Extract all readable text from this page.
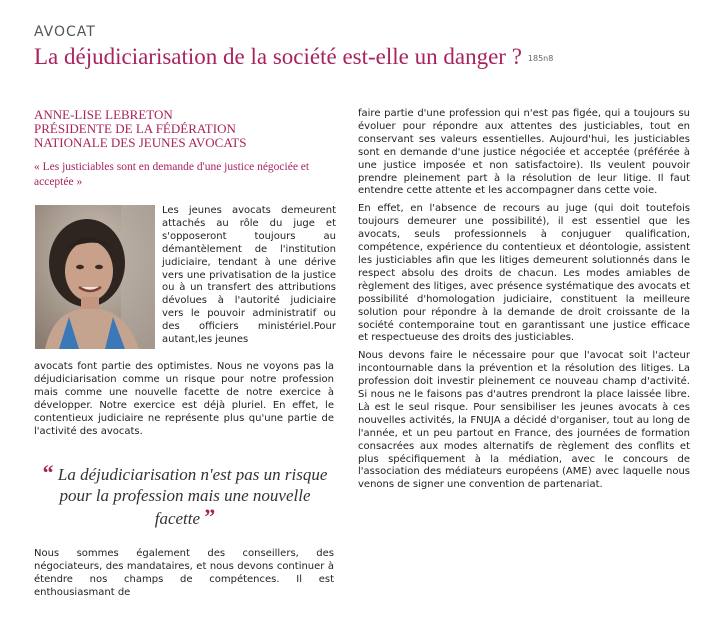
AVOCAT
La déjudiciarisation de la société est-elle un danger ? 185n8
ANNE-LISE LEBRETON
PRÉSIDENTE DE LA FÉDÉRATION
NATIONALE DES JEUNES AVOCATS
« Les justiciables sont en demande d'une justice négociée et acceptée »
Les jeunes avocats demeurent attachés au rôle du juge et s'opposeront toujours au démantèlement de l'institution judiciaire, tendant à une dérive vers une privatisation de la justice ou à un transfert des attributions dévolues à l'autorité judiciaire vers le pouvoir administratif ou des officiers ministériel.Pour autant,les jeunes
avocats font partie des optimistes. Nous ne voyons pas la déjudiciarisation comme un risque pour notre profession mais comme une nouvelle facette de notre exercice à développer. Notre exercice est déjà pluriel. En effet, le contentieux judiciaire ne représente plus qu'une partie de l'activité des avocats.
“ La déjudiciarisation n'est pas un risque pour la profession mais une nouvelle facette ”
Nous sommes également des conseillers, des négociateurs, des mandataires, et nous devons continuer à étendre nos champs de compétences. Il est enthousiasmant de

faire partie d'une profession qui n'est pas figée, qui a toujours su évoluer pour répondre aux attentes des justiciables, tout en conservant ses valeurs essentielles. Aujourd'hui, les justiciables sont en demande d'une justice négociée et acceptée (préférée à une justice imposée et non satisfactoire). Ils veulent pouvoir prendre pleinement part à la résolution de leur litige. Il faut entendre cette attente et les accompagner dans cette voie.

En effet, en l'absence de recours au juge (qui doit toutefois toujours demeurer une possibilité), il est essentiel que les avocats, seuls professionnels à conjuguer qualification, compétence, expérience du contentieux et déontologie, assistent les justiciables afin que les litiges demeurent solutionnés dans le respect absolu des droits de chacun. Les modes amiables de règlement des litiges, avec présence systématique des avocats et possibilité d'homologation judiciaire, constituent la meilleure solution pour répondre à la demande de droit croissante de la société contemporaine tout en garantissant une justice efficace et respectueuse des droits des justiciables.

Nous devons faire le nécessaire pour que l'avocat soit l'acteur incontournable dans la prévention et la résolution des litiges. La profession doit investir pleinement ce nouveau champ d'activité. Si nous ne le faisons pas d'autres prendront la place laissée libre. Là est le seul risque. Pour sensibiliser les jeunes avocats à ces nouvelles activités, la FNUJA a décidé d'organiser, tout au long de l'année, et un peu partout en France, des journées de formation consacrées aux modes alternatifs de règlement des conflits et plus spécifiquement à la médiation, avec le concours de l'association des médiateurs européens (AME) avec laquelle nous venons de signer une convention de partenariat.
